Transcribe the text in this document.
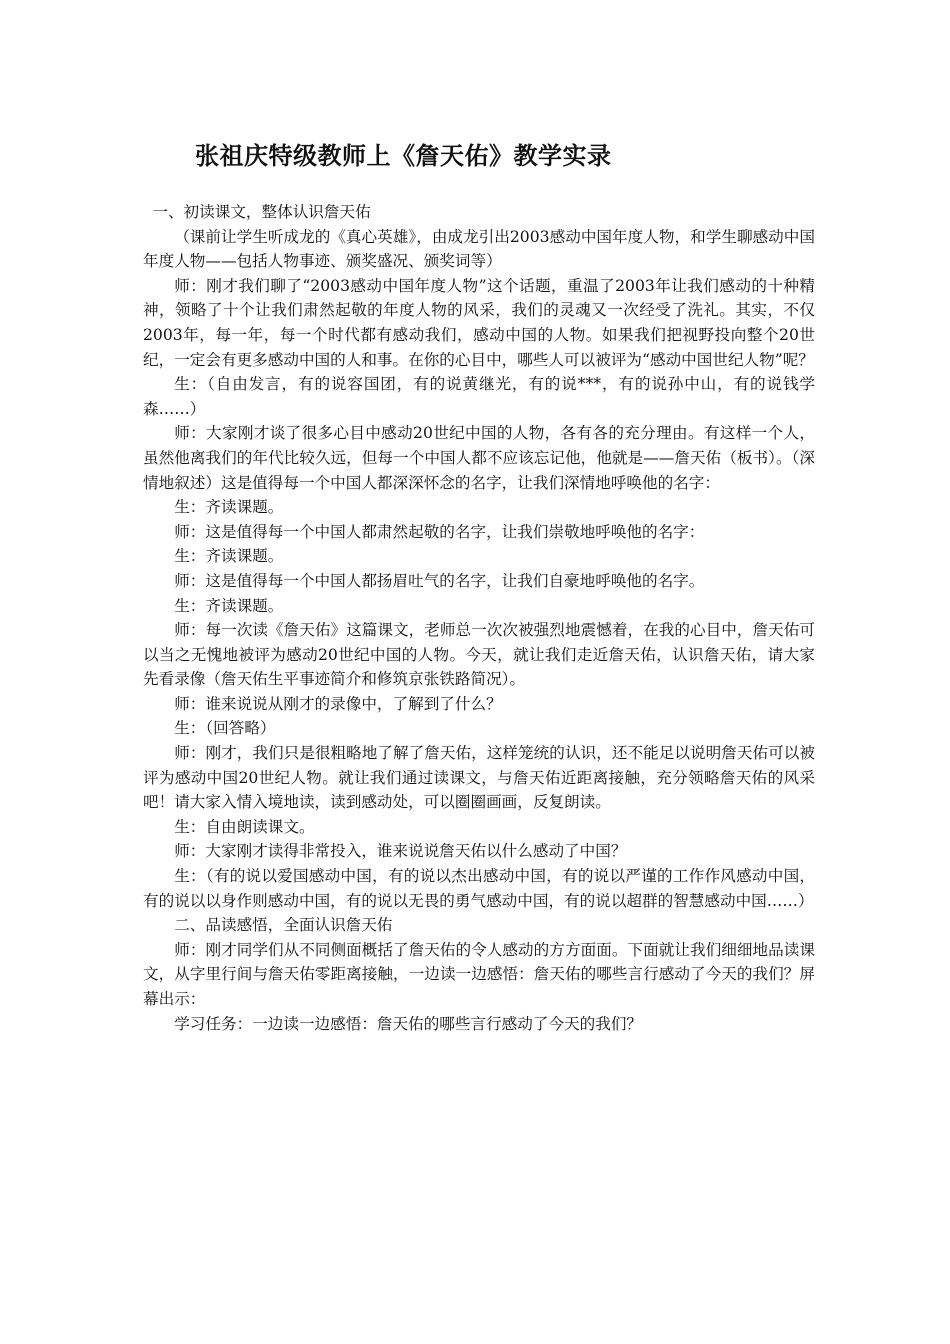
张祖庆特级教师上《詹天佑》教学实录

一、初读课文，整体认识詹天佑

（课前让学生听成龙的《真心英雄》，由成龙引出2003感动中国年度人物，和学生聊感动中国年度人物——包括人物事迹、颁奖盛况、颁奖词等）

师：刚才我们聊了“2003感动中国年度人物”这个话题，重温了2003年让我们感动的十种精神，领略了十个让我们肃然起敬的年度人物的风采，我们的灵魂又一次经受了洗礼。其实，不仅2003年，每一年，每一个时代都有感动我们，感动中国的人物。如果我们把视野投向整个20世纪，一定会有更多感动中国的人和事。在你的心目中，哪些人可以被评为“感动中国世纪人物”呢？

生：（自由发言，有的说容国团，有的说黄继光，有的说***，有的说孙中山，有的说钱学森……）

师：大家刚才谈了很多心目中感动20世纪中国的人物，各有各的充分理由。有这样一个人，虽然他离我们的年代比较久远，但每一个中国人都不应该忘记他，他就是——詹天佑（板书）。（深情地叙述）这是值得每一个中国人都深深怀念的名字，让我们深情地呼唤他的名字：

生：齐读课题。

师：这是值得每一个中国人都肃然起敬的名字，让我们崇敬地呼唤他的名字：

生：齐读课题。

师：这是值得每一个中国人都扬眉吐气的名字，让我们自豪地呼唤他的名字。

生：齐读课题。

师：每一次读《詹天佑》这篇课文，老师总一次次被强烈地震憾着，在我的心目中，詹天佑可以当之无愧地被评为感动20世纪中国的人物。今天，就让我们走近詹天佑，认识詹天佑，请大家先看录像（詹天佑生平事迹简介和修筑京张铁路简况）。

师：谁来说说从刚才的录像中，了解到了什么？

生：（回答略）

师：刚才，我们只是很粗略地了解了詹天佑，这样笼统的认识，还不能足以说明詹天佑可以被评为感动中国20世纪人物。就让我们通过读课文，与詹天佑近距离接触，充分领略詹天佑的风采吧！请大家入情入境地读，读到感动处，可以圈圈画画，反复朗读。

生：自由朗读课文。

师：大家刚才读得非常投入，谁来说说詹天佑以什么感动了中国？

生：（有的说以爱国感动中国，有的说以杰出感动中国，有的说以严谨的工作作风感动中国，有的说以以身作则感动中国，有的说以无畏的勇气感动中国，有的说以超群的智慧感动中国……）

二、品读感悟，全面认识詹天佑

师：刚才同学们从不同侧面概括了詹天佑的令人感动的方方面面。下面就让我们细细地品读课文，从字里行间与詹天佑零距离接触，一边读一边感悟：詹天佑的哪些言行感动了今天的我们？屏幕出示：

学习任务：一边读一边感悟：詹天佑的哪些言行感动了今天的我们？
